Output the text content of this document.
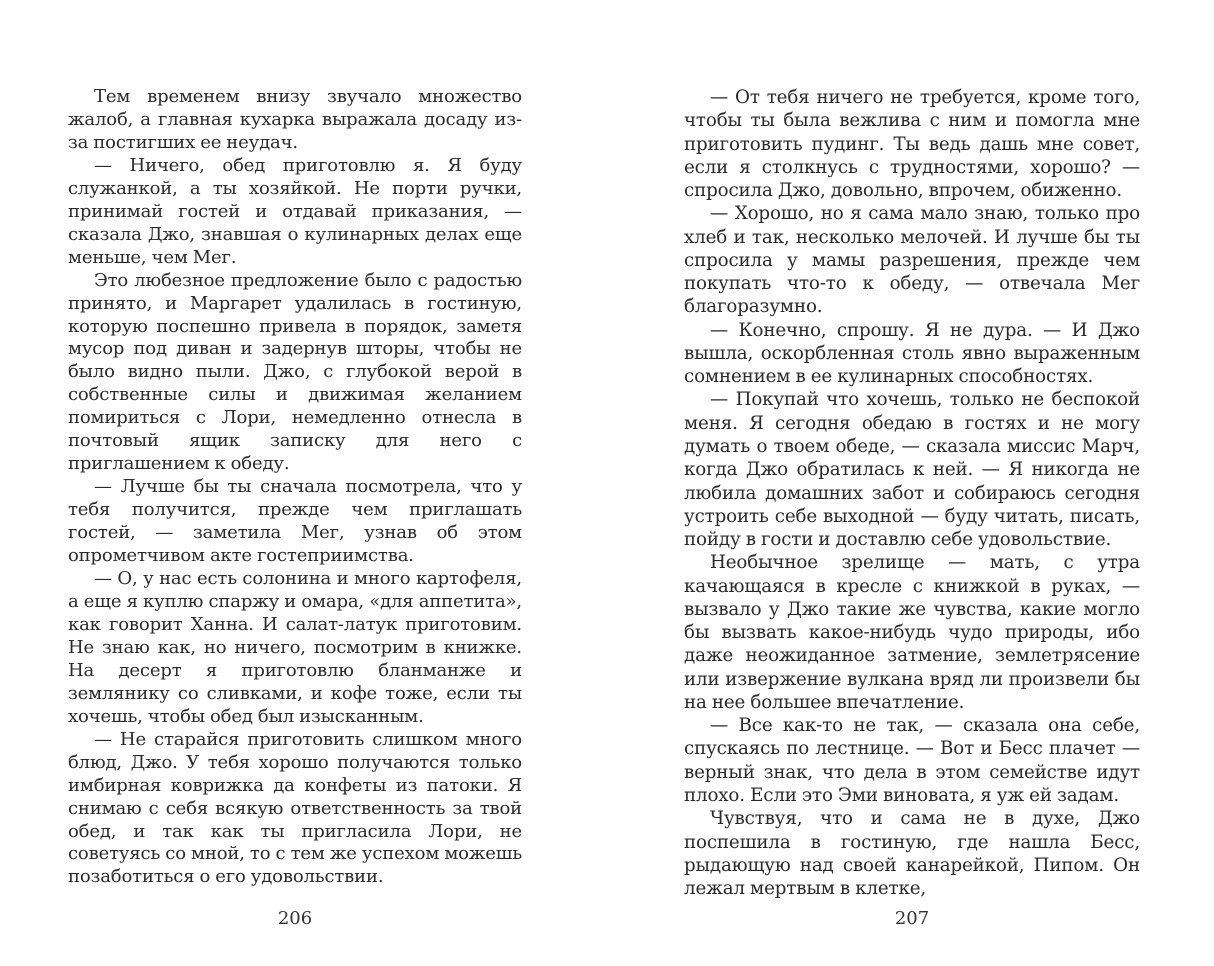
Тем временем внизу звучало множество жалоб, а главная кухарка выражала досаду из-за постигших ее неудач.

— Ничего, обед приготовлю я. Я буду служанкой, а ты хозяйкой. Не порти ручки, принимай гостей и отдавай приказания, — сказала Джо, знавшая о кулинарных делах еще меньше, чем Мег.

Это любезное предложение было с радостью принято, и Маргарет удалилась в гостиную, которую поспешно привела в порядок, заметя мусор под диван и задернув шторы, чтобы не было видно пыли. Джо, с глубокой верой в собственные силы и движимая желанием помириться с Лори, немедленно отнесла в почтовый ящик записку для него с приглашением к обеду.

— Лучше бы ты сначала посмотрела, что у тебя получится, прежде чем приглашать гостей, — заметила Мег, узнав об этом опрометчивом акте гостеприимства.

— О, у нас есть солонина и много картофеля, а еще я куплю спаржу и омара, «для аппетита», как говорит Ханна. И салат-латук приготовим. Не знаю как, но ничего, посмотрим в книжке. На десерт я приготовлю бланманже и землянику со сливками, и кофе тоже, если ты хочешь, чтобы обед был изысканным.

— Не старайся приготовить слишком много блюд, Джо. У тебя хорошо получаются только имбирная коврижка да конфеты из патоки. Я снимаю с себя всякую ответственность за твой обед, и так как ты пригласила Лори, не советуясь со мной, то с тем же успехом можешь позаботиться о его удовольствии.

206

— От тебя ничего не требуется, кроме того, чтобы ты была вежлива с ним и помогла мне приготовить пудинг. Ты ведь дашь мне совет, если я столкнусь с трудностями, хорошо? — спросила Джо, довольно, впрочем, обиженно.

— Хорошо, но я сама мало знаю, только про хлеб и так, несколько мелочей. И лучше бы ты спросила у мамы разрешения, прежде чем покупать что-то к обеду, — отвечала Мег благоразумно.

— Конечно, спрошу. Я не дура. — И Джо вышла, оскорбленная столь явно выраженным сомнением в ее кулинарных способностях.

— Покупай что хочешь, только не беспокой меня. Я сегодня обедаю в гостях и не могу думать о твоем обеде, — сказала миссис Марч, когда Джо обратилась к ней. — Я никогда не любила домашних забот и собираюсь сегодня устроить себе выходной — буду читать, писать, пойду в гости и доставлю себе удовольствие.

Необычное зрелище — мать, с утра качающаяся в кресле с книжкой в руках, — вызвало у Джо такие же чувства, какие могло бы вызвать какое-нибудь чудо природы, ибо даже неожиданное затмение, землетрясение или извержение вулкана вряд ли произвели бы на нее большее впечатление.

— Все как-то не так, — сказала она себе, спускаясь по лестнице. — Вот и Бесс плачет — верный знак, что дела в этом семействе идут плохо. Если это Эми виновата, я уж ей задам.

Чувствуя, что и сама не в духе, Джо поспешила в гостиную, где нашла Бесс, рыдающую над своей канарейкой, Пипом. Он лежал мертвым в клетке,

207
